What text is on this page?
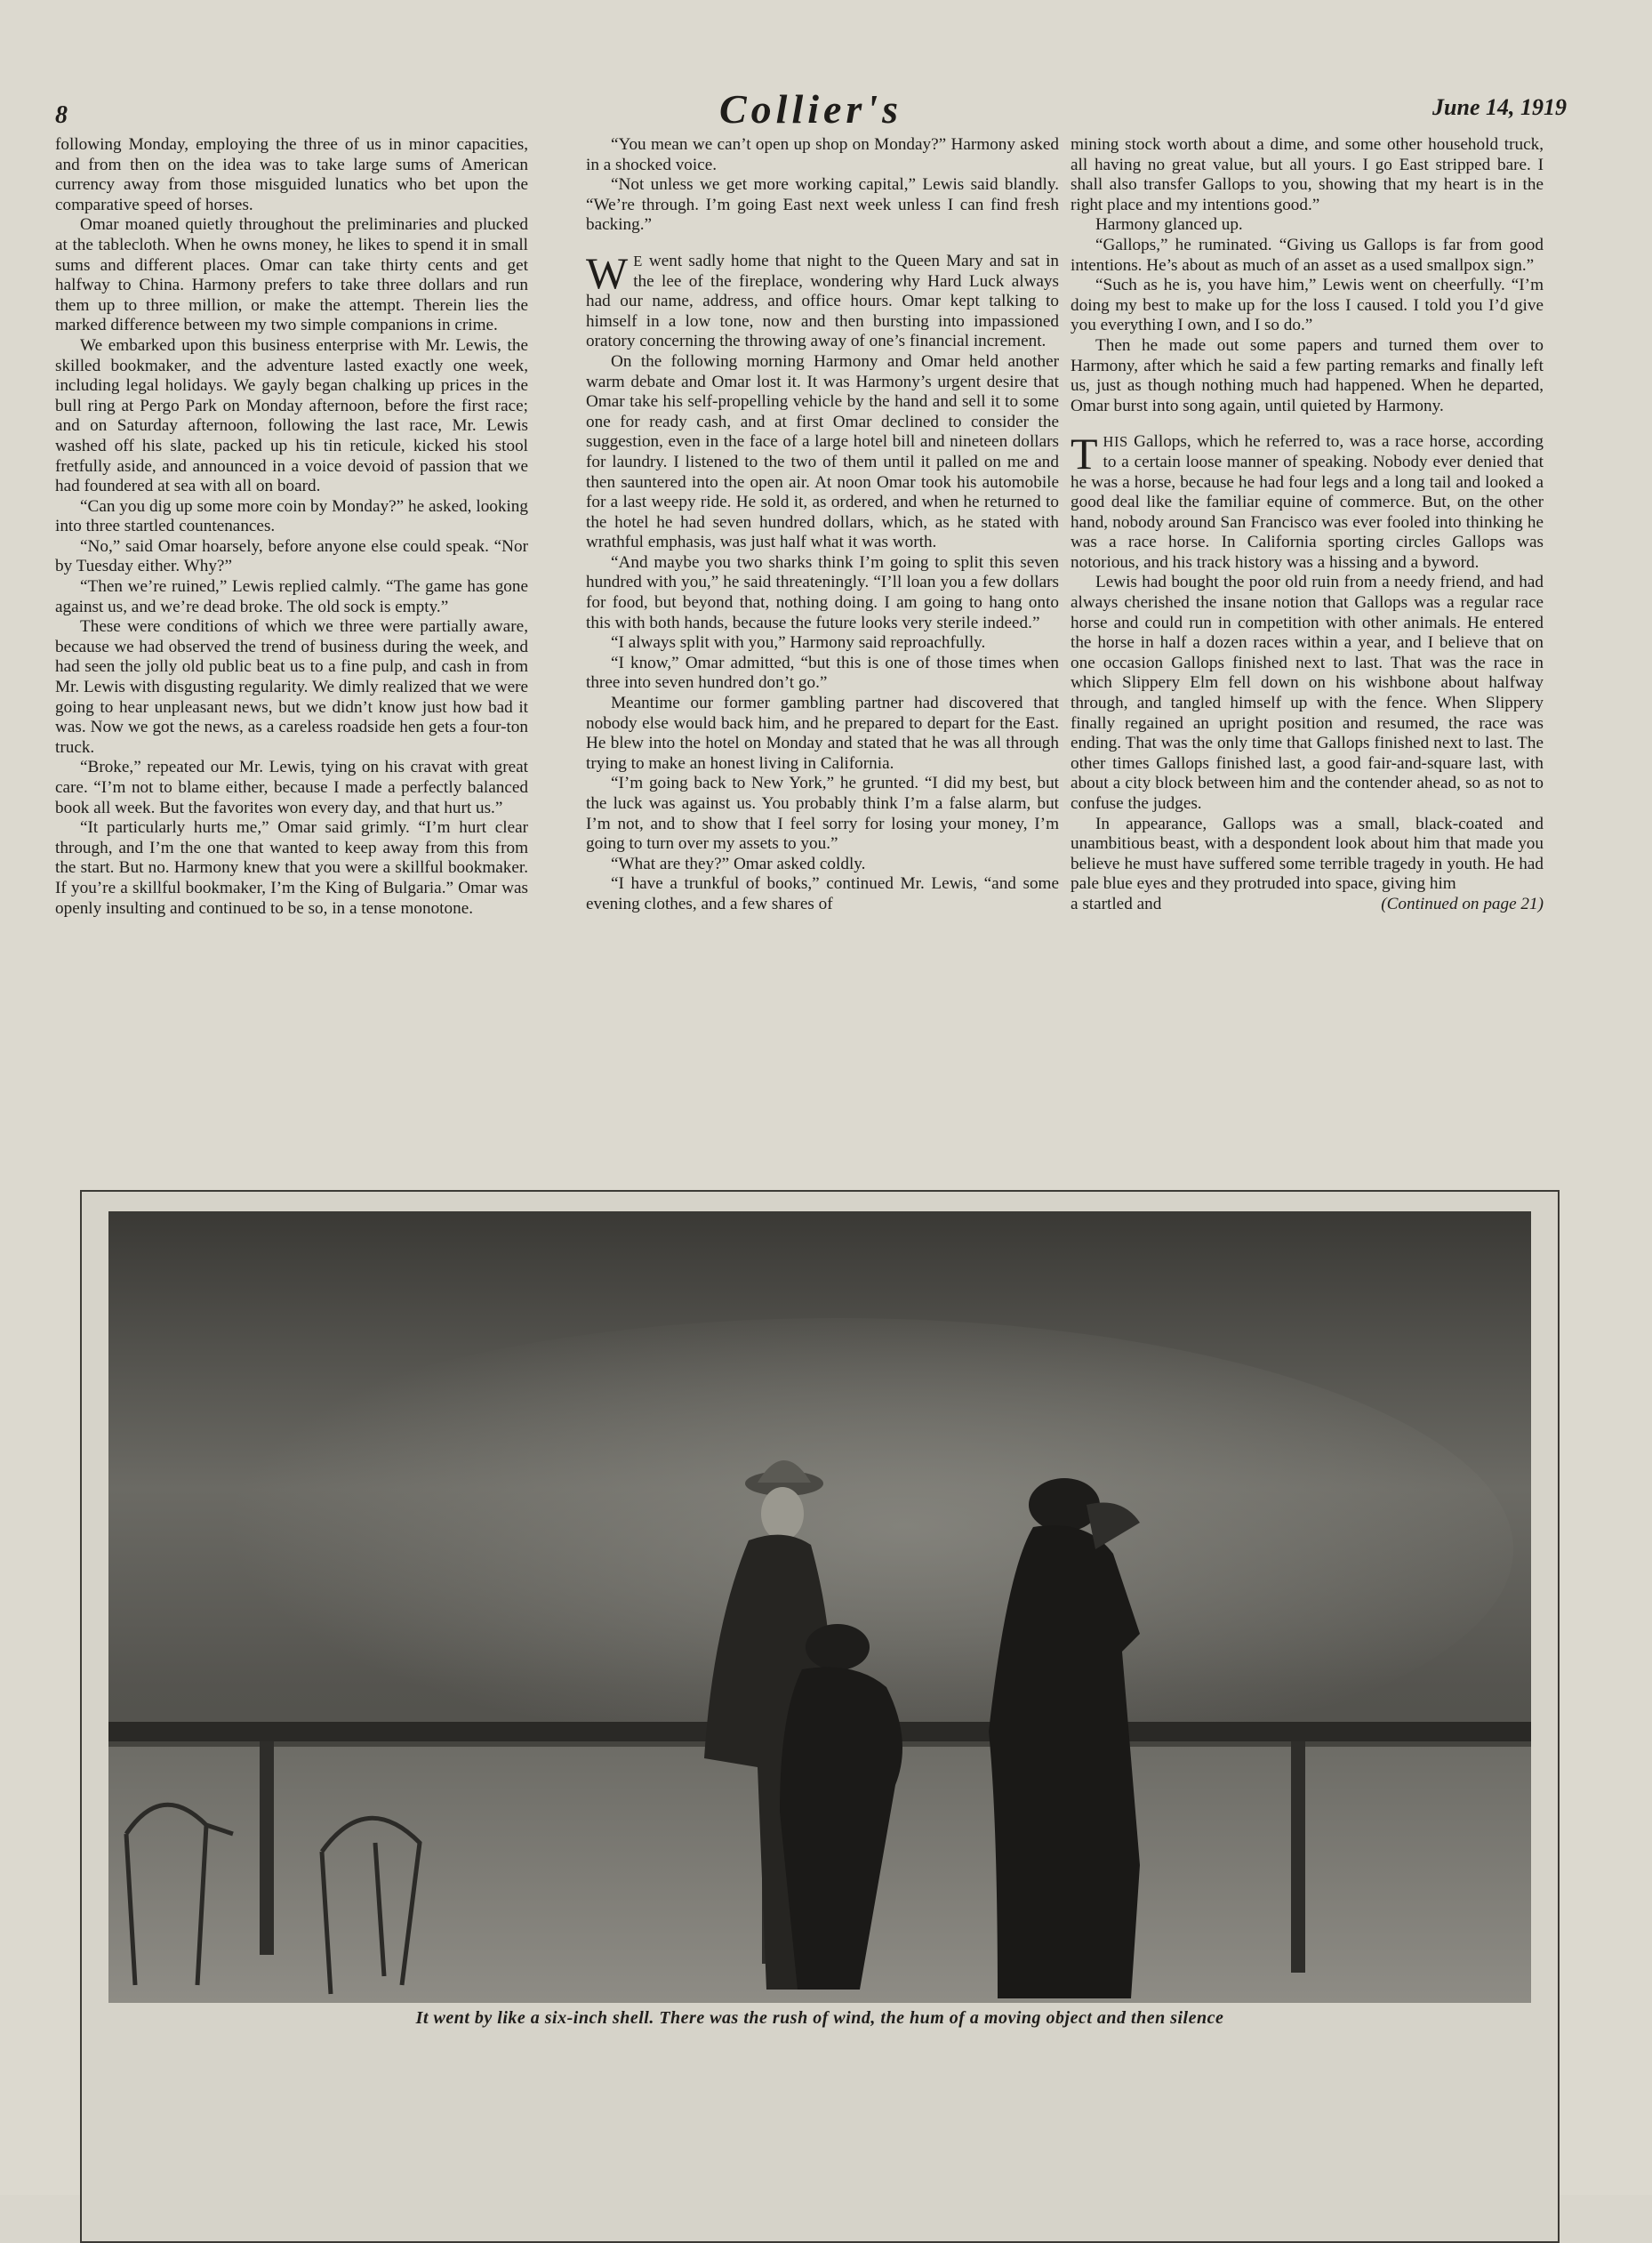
8	Collier's	June 14, 1919

following Monday, employing the three of us in minor capacities, and from then on the idea was to take large sums of American currency away from those misguided lunatics who bet upon the comparative speed of horses.

Omar moaned quietly throughout the preliminaries and plucked at the tablecloth. When he owns money, he likes to spend it in small sums and different places. Omar can take thirty cents and get halfway to China. Harmony prefers to take three dollars and run them up to three million, or make the attempt. Therein lies the marked difference between my two simple companions in crime.

We embarked upon this business enterprise with Mr. Lewis, the skilled bookmaker, and the adventure lasted exactly one week, including legal holidays. We gayly began chalking up prices in the bull ring at Pergo Park on Monday afternoon, before the first race; and on Saturday afternoon, following the last race, Mr. Lewis washed off his slate, packed up his tin reticule, kicked his stool fretfully aside, and announced in a voice devoid of passion that we had foundered at sea with all on board.

“Can you dig up some more coin by Monday?” he asked, looking into three startled countenances.

“No,” said Omar hoarsely, before anyone else could speak. “Nor by Tuesday either. Why?”

“Then we’re ruined,” Lewis replied calmly. “The game has gone against us, and we’re dead broke. The old sock is empty.”

These were conditions of which we three were partially aware, because we had observed the trend of business during the week, and had seen the jolly old public beat us to a fine pulp, and cash in from Mr. Lewis with disgusting regularity. We dimly realized that we were going to hear unpleasant news, but we didn’t know just how bad it was. Now we got the news, as a careless roadside hen gets a four-ton truck.

“Broke,” repeated our Mr. Lewis, tying on his cravat with great care. “I’m not to blame either, because I made a perfectly balanced book all week. But the favorites won every day, and that hurt us.”

“It particularly hurts me,” Omar said grimly. “I’m hurt clear through, and I’m the one that wanted to keep away from this from the start. But no. Harmony knew that you were a skillful bookmaker. If you’re a skillful bookmaker, I’m the King of Bulgaria.” Omar was openly insulting and continued to be so, in a tense monotone.

“You mean we can’t open up shop on Monday?” Harmony asked in a shocked voice.

“Not unless we get more working capital,” Lewis said blandly. “We’re through. I’m going East next week unless I can find fresh backing.”

W E went sadly home that night to the Queen Mary and sat in the lee of the fireplace, wondering why Hard Luck always had our name, address, and office hours. Omar kept talking to himself in a low tone, now and then bursting into impassioned oratory concerning the throwing away of one’s financial increment.

On the following morning Harmony and Omar held another warm debate and Omar lost it. It was Harmony’s urgent desire that Omar take his self-propelling vehicle by the hand and sell it to some one for ready cash, and at first Omar declined to consider the suggestion, even in the face of a large hotel bill and nineteen dollars for laundry. I listened to the two of them until it palled on me and then sauntered into the open air. At noon Omar took his automobile for a last weepy ride. He sold it, as ordered, and when he returned to the hotel he had seven hundred dollars, which, as he stated with wrathful emphasis, was just half what it was worth.

“And maybe you two sharks think I’m going to split this seven hundred with you,” he said threateningly. “I’ll loan you a few dollars for food, but beyond that, nothing doing. I am going to hang onto this with both hands, because the future looks very sterile indeed.”

“I always split with you,” Harmony said reproachfully.

“I know,” Omar admitted, “but this is one of those times when three into seven hundred don’t go.”

Meantime our former gambling partner had discovered that nobody else would back him, and he prepared to depart for the East. He blew into the hotel on Monday and stated that he was all through trying to make an honest living in California.

“I’m going back to New York,” he grunted. “I did my best, but the luck was against us. You probably think I’m a false alarm, but I’m not, and to show that I feel sorry for losing your money, I’m going to turn over my assets to you.”

“What are they?” Omar asked coldly.

“I have a trunkful of books,” continued Mr. Lewis, “and some evening clothes, and a few shares of

mining stock worth about a dime, and some other household truck, all having no great value, but all yours. I go East stripped bare. I shall also transfer Gallops to you, showing that my heart is in the right place and my intentions good.”

Harmony glanced up.

“Gallops,” he ruminated. “Giving us Gallops is far from good intentions. He’s about as much of an asset as a used smallpox sign.”

“Such as he is, you have him,” Lewis went on cheerfully. “I’m doing my best to make up for the loss I caused. I told you I’d give you everything I own, and I so do.”

Then he made out some papers and turned them over to Harmony, after which he said a few parting remarks and finally left us, just as though nothing much had happened. When he departed, Omar burst into song again, until quieted by Harmony.

THIS Gallops, which he referred to, was a race horse, according to a certain loose manner of speaking. Nobody ever denied that he was a horse, because he had four legs and a long tail and looked a good deal like the familiar equine of commerce. But, on the other hand, nobody around San Francisco was ever fooled into thinking he was a race horse. In California sporting circles Gallops was notorious, and his track history was a hissing and a byword.

Lewis had bought the poor old ruin from a needy friend, and had always cherished the insane notion that Gallops was a regular race horse and could run in competition with other animals. He entered the horse in half a dozen races within a year, and I believe that on one occasion Gallops finished next to last. That was the race in which Slippery Elm fell down on his wishbone about halfway through, and tangled himself up with the fence. When Slippery finally regained an upright position and resumed, the race was ending. That was the only time that Gallops finished next to last. The other times Gallops finished last, a good fair-and-square last, with about a city block between him and the contender ahead, so as not to confuse the judges.

In appearance, Gallops was a small, black-coated and unambitious beast, with a despondent look about him that made you believe he must have suffered some terrible tragedy in youth. He had pale blue eyes and they protruded into space, giving him

a startled and	(Continued on page 21)

It went by like a six-inch shell. There was the rush of wind, the hum of a moving object and then silence
